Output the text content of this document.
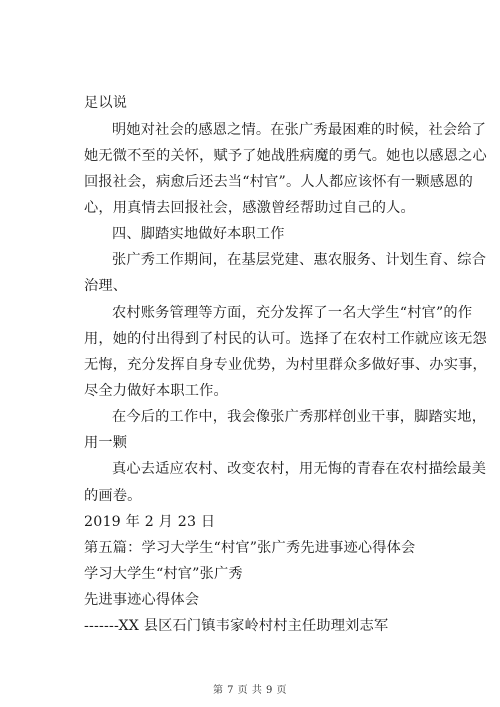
足以说
明她对社会的感恩之情。在张广秀最困难的时候，社会给了
她无微不至的关怀，赋予了她战胜病魔的勇气。她也以感恩之心
回报社会，病愈后还去当“村官”。人人都应该怀有一颗感恩的
心，用真情去回报社会，感激曾经帮助过自己的人。
四、脚踏实地做好本职工作
张广秀工作期间，在基层党建、惠农服务、计划生育、综合
治理、
农村账务管理等方面，充分发挥了一名大学生“村官”的作
用，她的付出得到了村民的认可。选择了在农村工作就应该无怨
无悔，充分发挥自身专业优势，为村里群众多做好事、办实事，
尽全力做好本职工作。
在今后的工作中，我会像张广秀那样创业干事，脚踏实地，
用一颗
真心去适应农村、改变农村，用无悔的青春在农村描绘最美
的画卷。
2019 年 2 月 23 日
第五篇：学习大学生“村官”张广秀先进事迹心得体会
学习大学生“村官”张广秀
先进事迹心得体会
-------XX 县区石门镇韦家岭村村主任助理刘志军
第 7 页 共 9 页
